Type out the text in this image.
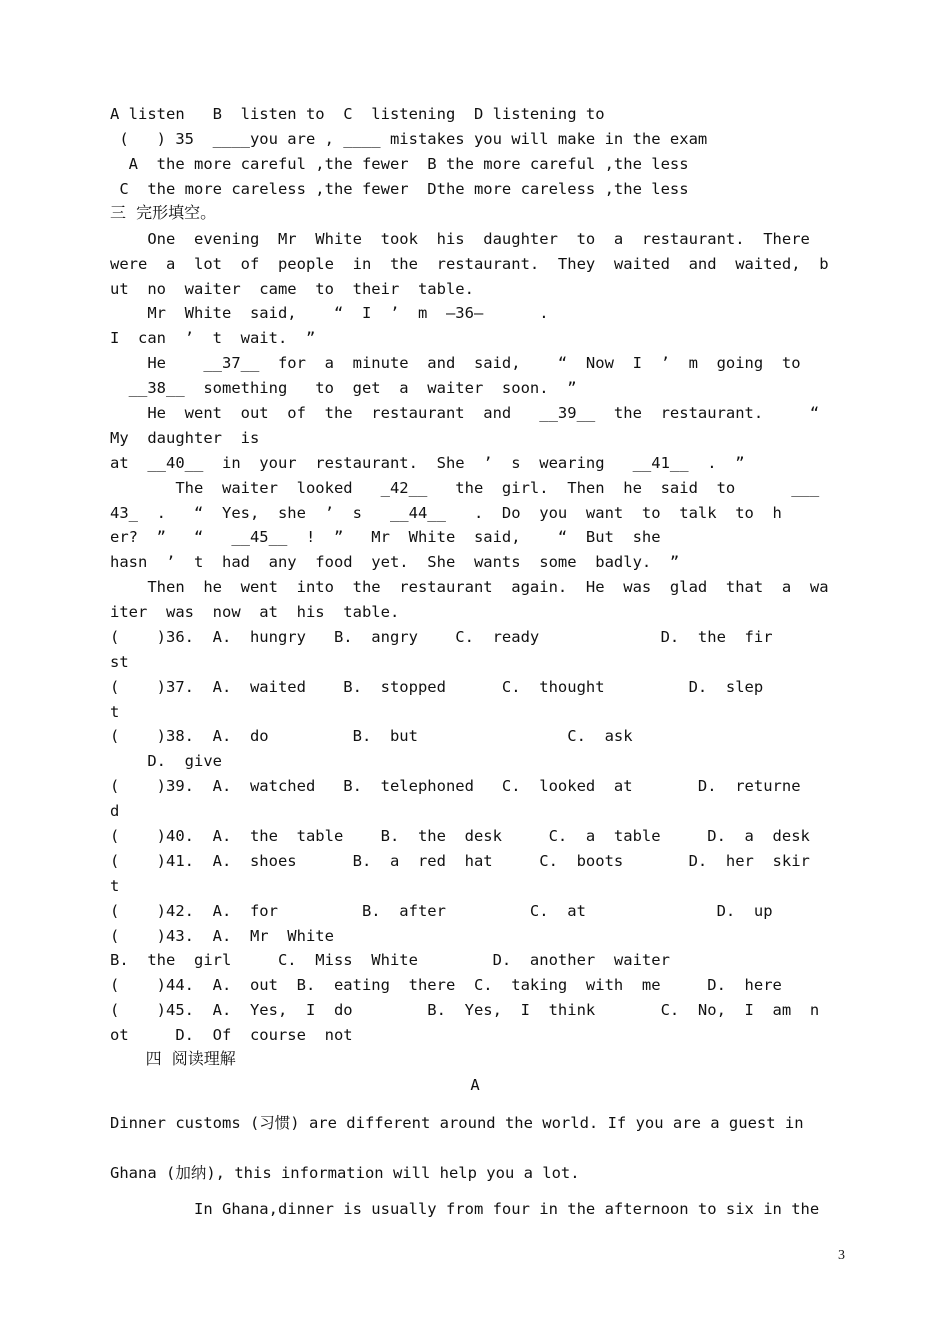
A listen   B  listen to  C  listening  D listening to
(   ) 35  ____you are , ____ mistakes you will make in the exam
A  the more careful ,the fewer  B the more careful ,the less
C  the more careless ,the fewer  Dthe more careless ,the less
三  完形填空。
One  evening  Mr  White  took  his  daughter  to  a  restaurant.  There
were  a  lot  of  people  in  the  restaurant.  They  waited  and  waited,  b
ut  no  waiter  came  to  their  table.
Mr  White  said,    “  I  ’  m  —36—      .
I  can  ’  t  wait.  ”
He    __37__  for  a  minute  and  said,    “  Now  I  ’  m  going  to
__38__  something   to  get  a  waiter  soon.  ”
He  went  out  of  the  restaurant  and   __39__  the  restaurant.     “
My  daughter  is
at  __40__  in  your  restaurant.  She  ’  s  wearing   __41__  .  ”
The  waiter  looked   _42__   the  girl.  Then  he  said  to      ___
43_  .   “  Yes,  she  ’  s   __44__   .  Do  you  want  to  talk  to  h
er?  ”   “   __45__  !  ”   Mr  White  said,    “  But  she
hasn  ’  t  had  any  food  yet.  She  wants  some  badly.  ”
Then  he  went  into  the  restaurant  again.  He  was  glad  that  a  wa
iter  was  now  at  his  table.
(    )36.  A.  hungry   B.  angry    C.  ready             D.  the  fir
st
(    )37.  A.  waited    B.  stopped      C.  thought         D.  slep
t
(    )38.  A.  do         B.  but                C.  ask
D.  give
(    )39.  A.  watched   B.  telephoned   C.  looked  at       D.  returne
d
(    )40.  A.  the  table    B.  the  desk     C.  a  table     D.  a  desk
(    )41.  A.  shoes      B.  a  red  hat     C.  boots       D.  her  skir
t
(    )42.  A.  for         B.  after         C.  at              D.  up
(    )43.  A.  Mr  White
B.  the  girl     C.  Miss  White        D.  another  waiter
(    )44.  A.  out  B.  eating  there  C.  taking  with  me     D.  here
(    )45.  A.  Yes,  I  do        B.  Yes,  I  think       C.  No,  I  am  n
ot     D.  Of  course  not
四  阅读理解
A
Dinner customs (习惯) are different around the world. If you are a guest in
Ghana (加纳), this information will help you a lot.
In Ghana,dinner is usually from four in the afternoon to six in the
3
